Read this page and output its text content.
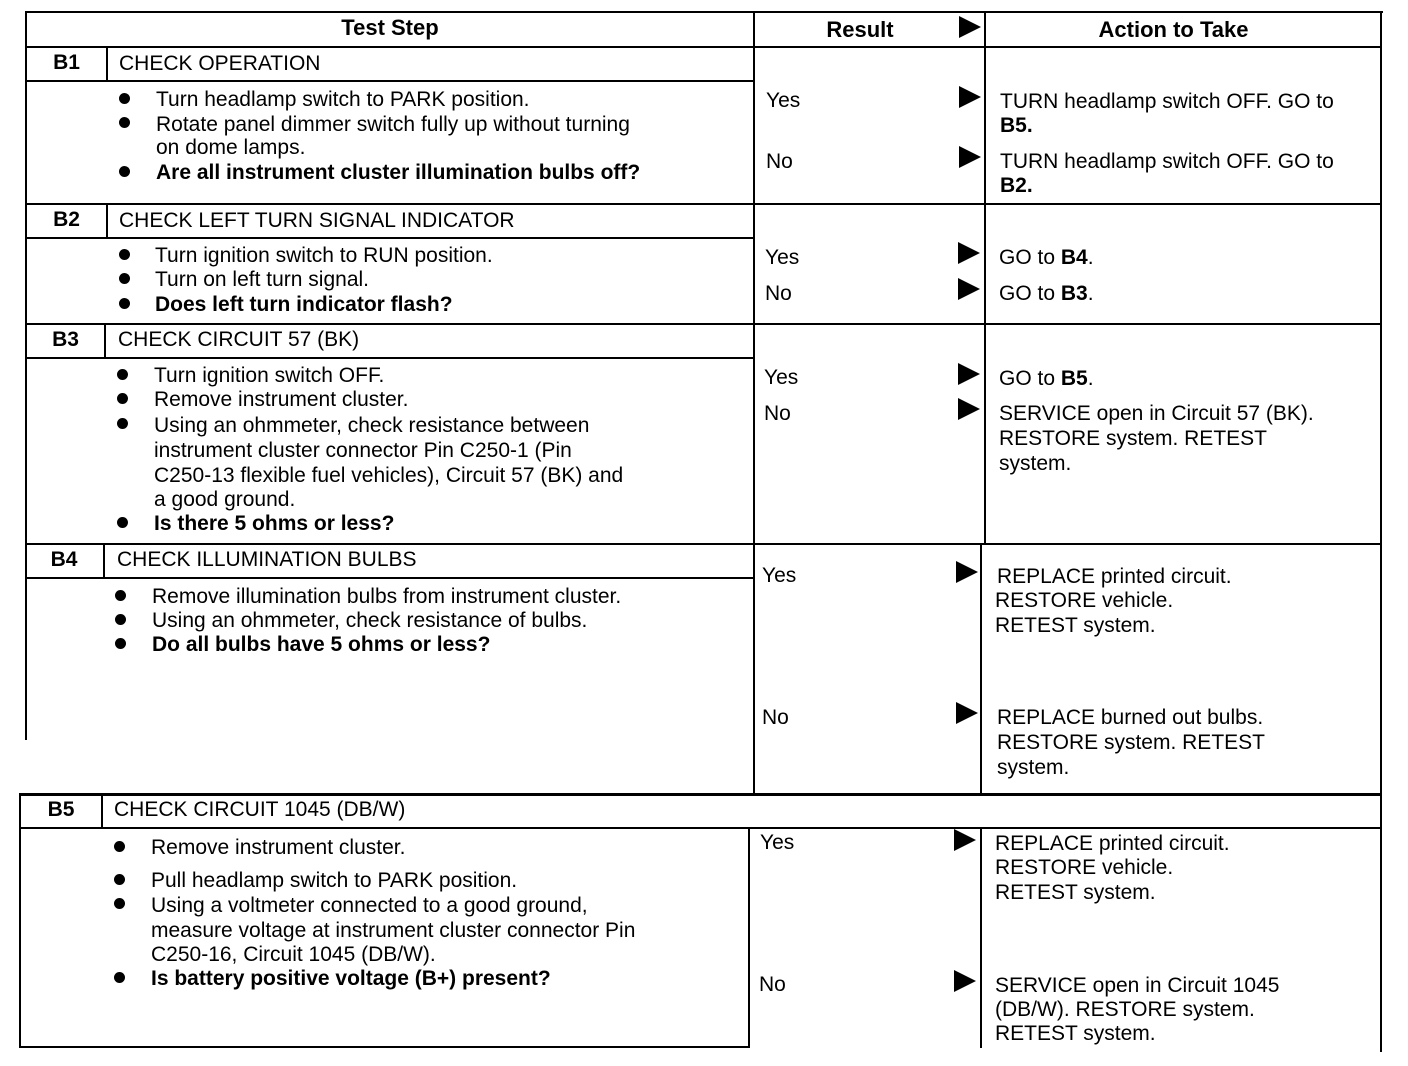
Test Step	Result	Action to Take
B1	CHECK OPERATION
Turn headlamp switch to PARK position.
Rotate panel dimmer switch fully up without turning
on dome lamps.
Are all instrument cluster illumination bulbs off?
Yes	TURN headlamp switch OFF. GO to
B5.
No	TURN headlamp switch OFF. GO to
B2.
B2	CHECK LEFT TURN SIGNAL INDICATOR
Turn ignition switch to RUN position.
Turn on left turn signal.
Does left turn indicator flash?
Yes	GO to B4.
No	GO to B3.
B3	CHECK CIRCUIT 57 (BK)
Turn ignition switch OFF.
Remove instrument cluster.
Using an ohmmeter, check resistance between
instrument cluster connector Pin C250-1 (Pin
C250-13 flexible fuel vehicles), Circuit 57 (BK) and
a good ground.
Is there 5 ohms or less?
Yes	GO to B5.
No	SERVICE open in Circuit 57 (BK).
RESTORE system. RETEST
system.
B4	CHECK ILLUMINATION BULBS
Remove illumination bulbs from instrument cluster.
Using an ohmmeter, check resistance of bulbs.
Do all bulbs have 5 ohms or less?
Yes	REPLACE printed circuit.
RESTORE vehicle.
RETEST system.
No	REPLACE burned out bulbs.
RESTORE system. RETEST
system.
B5	CHECK CIRCUIT 1045 (DB/W)
Remove instrument cluster.
Pull headlamp switch to PARK position.
Using a voltmeter connected to a good ground,
measure voltage at instrument cluster connector Pin
C250-16, Circuit 1045 (DB/W).
Is battery positive voltage (B+) present?
Yes	REPLACE printed circuit.
RESTORE vehicle.
RETEST system.
No	SERVICE open in Circuit 1045
(DB/W). RESTORE system.
RETEST system.
